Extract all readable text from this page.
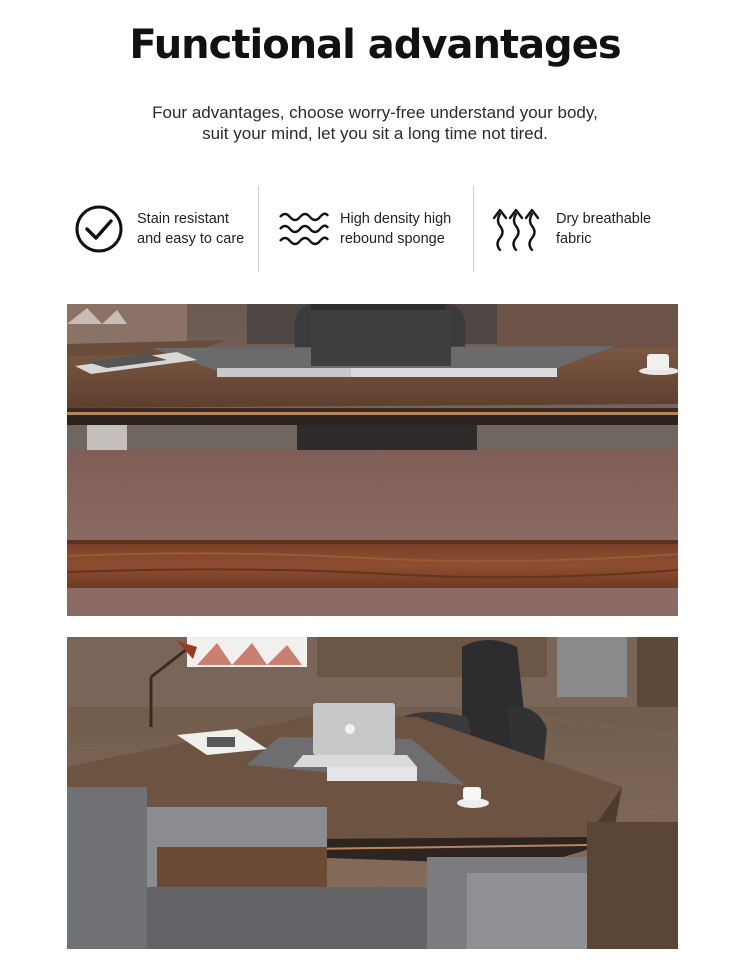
Functional advantages
Four advantages, choose worry-free understand your body,
suit your mind, let you sit a long time not tired.
Stain resistant
and easy to care
High density high
rebound sponge
Dry breathable
fabric
